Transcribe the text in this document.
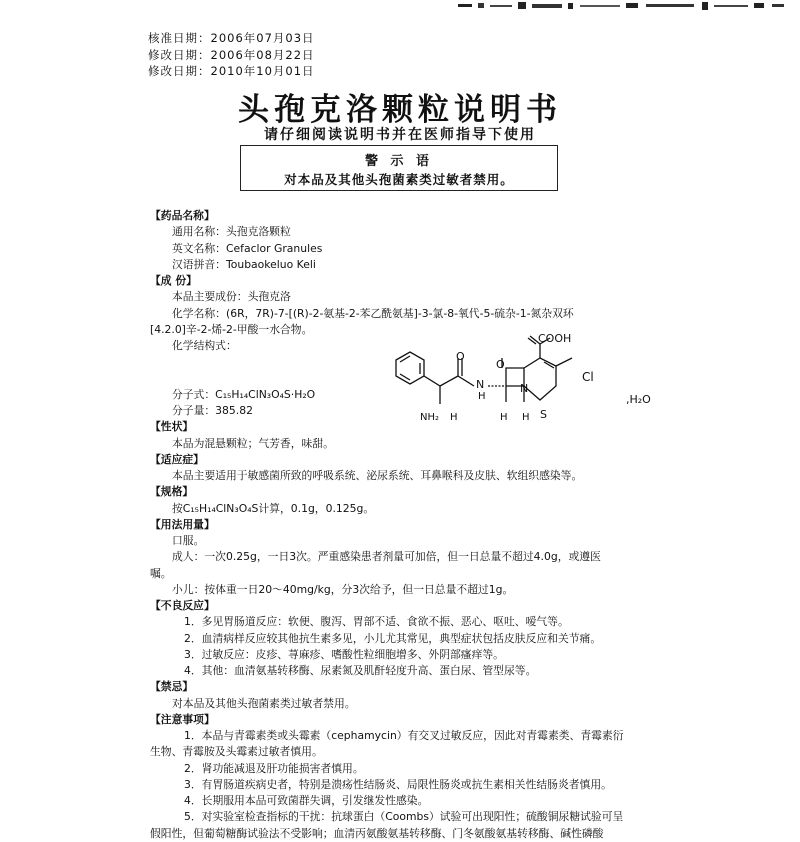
核准日期：2006年07月03日
修改日期：2006年08月22日
修改日期：2010年10月01日
头孢克洛颗粒说明书
请仔细阅读说明书并在医师指导下使用
警 示 语
对本品及其他头孢菌素类过敏者禁用。
【药品名称】
通用名称：头孢克洛颗粒
英文名称：Cefaclor Granules
汉语拼音：Toubaokeluo Keli
【成 份】
本品主要成份：头孢克洛
化学名称：(6R，7R)-7-[(R)-2-氨基-2-苯乙酰氨基]-3-氯-8-氧代-5-硫杂-1-氮杂双环
[4.2.0]辛-2-烯-2-甲酸一水合物。
化学结构式：
分子式：C₁₅H₁₄ClN₃O₄S·H₂O
分子量：385.82
【性状】
本品为混悬颗粒；气芳香，味甜。
【适应症】
本品主要适用于敏感菌所致的呼吸系统、泌尿系统、耳鼻喉科及皮肤、软组织感染等。
【规格】
按C₁₅H₁₄ClN₃O₄S计算，0.1g，0.125g。
【用法用量】
口服。
成人：一次0.25g，一日3次。严重感染患者剂量可加倍，但一日总量不超过4.0g，或遵医
嘱。
小儿：按体重一日20～40mg/kg，分3次给予，但一日总量不超过1g。
【不良反应】
1．多见胃肠道反应：软便、腹泻、胃部不适、食欲不振、恶心、呕吐、嗳气等。
2．血清病样反应较其他抗生素多见，小儿尤其常见，典型症状包括皮肤反应和关节痛。
3．过敏反应：皮疹、荨麻疹、嗜酸性粒细胞增多、外阴部瘙痒等。
4．其他：血清氨基转移酶、尿素氮及肌酐轻度升高、蛋白尿、管型尿等。
【禁忌】
对本品及其他头孢菌素类过敏者禁用。
【注意事项】
1．本品与青霉素类或头霉素（cephamycin）有交叉过敏反应，因此对青霉素类、青霉素衍
生物、青霉胺及头霉素过敏者慎用。
2．肾功能减退及肝功能损害者慎用。
3．有胃肠道疾病史者，特别是溃疡性结肠炎、局限性肠炎或抗生素相关性结肠炎者慎用。
4．长期服用本品可致菌群失调，引发继发性感染。
5．对实验室检查指标的干扰：抗球蛋白（Coombs）试验可出现阳性；硫酸铜尿糖试验可呈
假阳性，但葡萄糖酶试验法不受影响；血清丙氨酸氨基转移酶、门冬氨酸氨基转移酶、碱性磷酸
COOH
Cl
O
O
N
N
H
H	H H
NH₂	S
,H₂O
